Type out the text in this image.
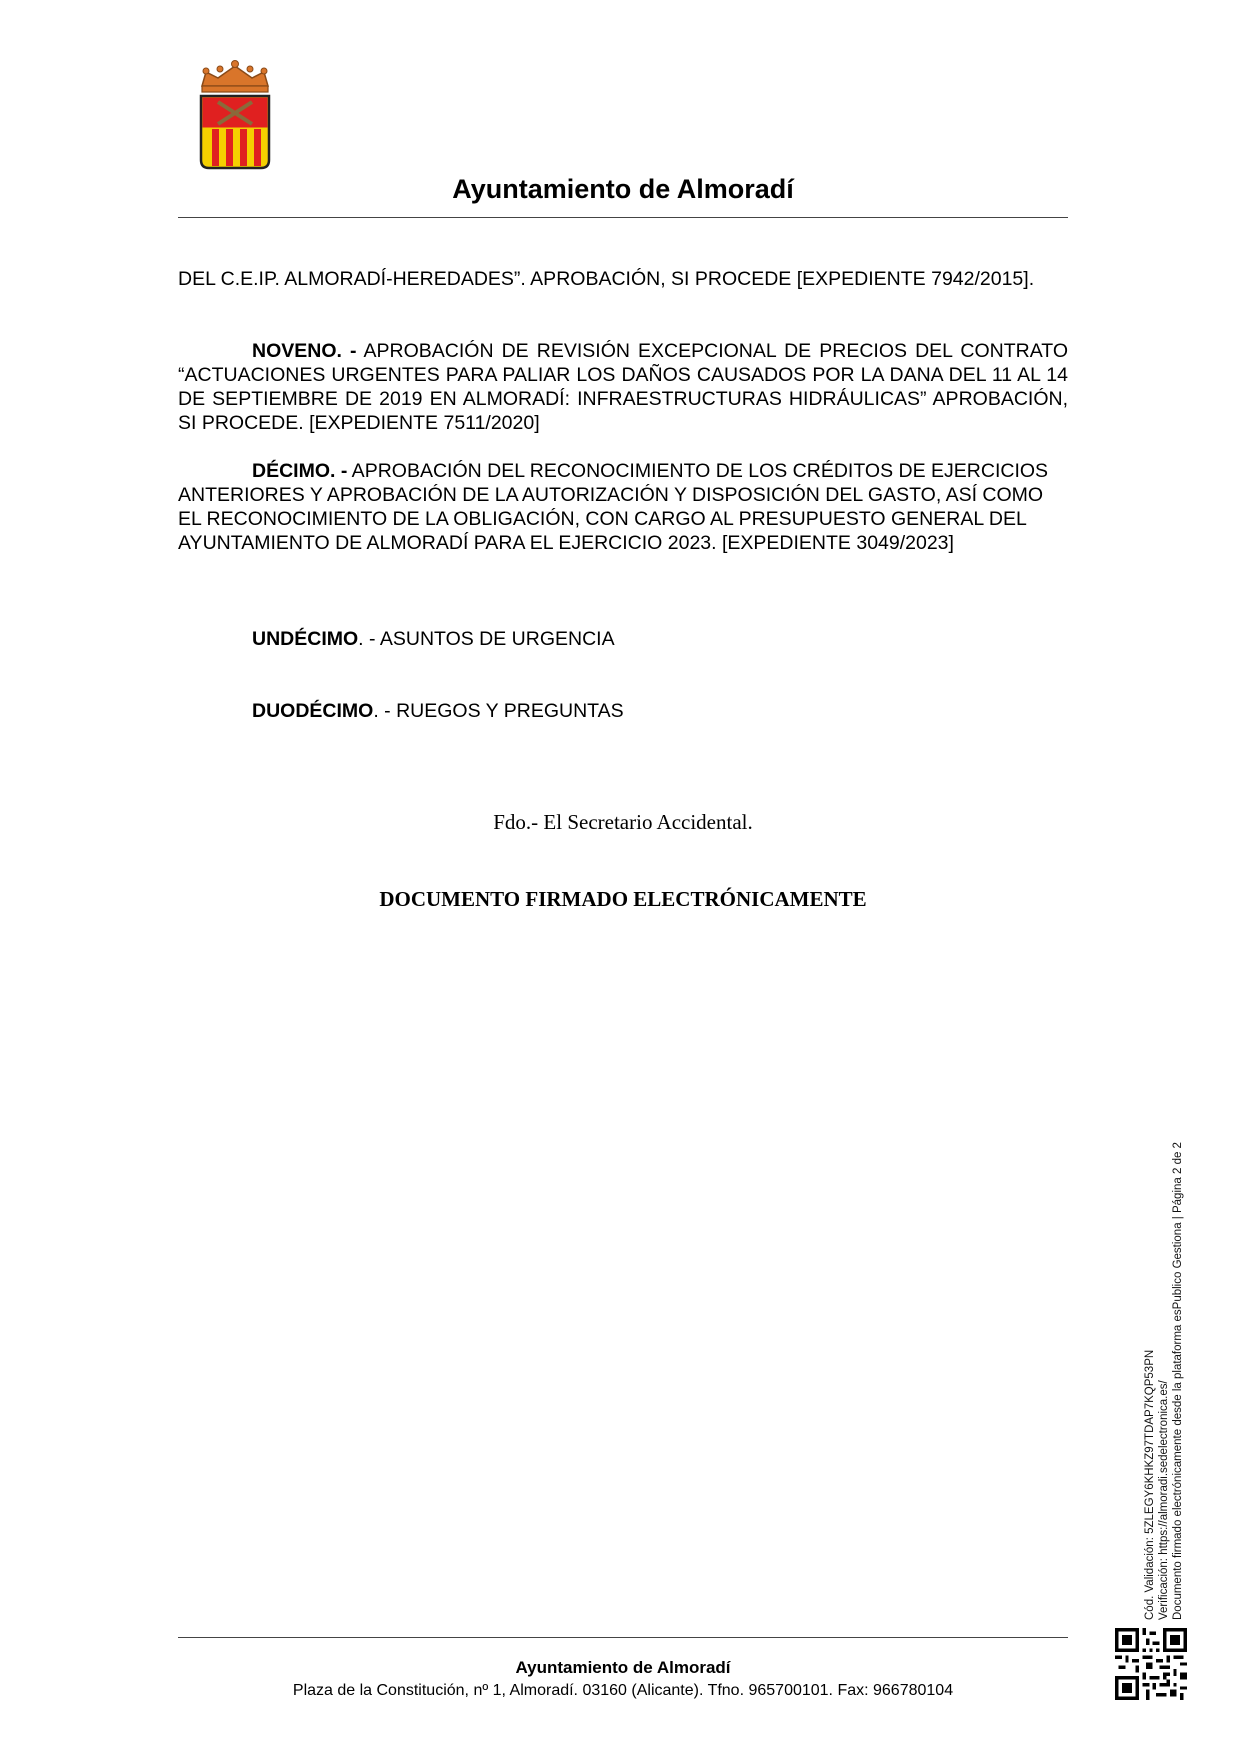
Ayuntamiento de Almoradí

DEL C.E.IP. ALMORADÍ-HEREDADES”. APROBACIÓN, SI PROCEDE [EXPEDIENTE 7942/2015].

NOVENO. - APROBACIÓN DE REVISIÓN EXCEPCIONAL DE PRECIOS DEL CONTRATO “ACTUACIONES URGENTES PARA PALIAR LOS DAÑOS CAUSADOS POR LA DANA DEL 11 AL 14 DE SEPTIEMBRE DE 2019 EN ALMORADÍ: INFRAESTRUCTURAS HIDRÁULICAS” APROBACIÓN, SI PROCEDE. [EXPEDIENTE 7511/2020]

DÉCIMO. - APROBACIÓN DEL RECONOCIMIENTO DE LOS CRÉDITOS DE EJERCICIOS ANTERIORES Y APROBACIÓN DE LA AUTORIZACIÓN Y DISPOSICIÓN DEL GASTO, ASÍ COMO EL RECONOCIMIENTO DE LA OBLIGACIÓN, CON CARGO AL PRESUPUESTO GENERAL DEL AYUNTAMIENTO DE ALMORADÍ PARA EL EJERCICIO 2023. [EXPEDIENTE 3049/2023]

UNDÉCIMO. - ASUNTOS DE URGENCIA

DUODÉCIMO. - RUEGOS Y PREGUNTAS

Fdo.- El Secretario Accidental.
DOCUMENTO FIRMADO ELECTRÓNICAMENTE
Cód. Validación: 5ZLEGY6KHKZ97TDAP7KQP53PN Verificación: https://almoradi.sedelectronica.es/ Documento firmado electrónicamente desde la plataforma esPublico Gestiona | Página 2 de 2
Ayuntamiento de Almoradí
Plaza de la Constitución, nº 1, Almoradí. 03160 (Alicante). Tfno. 965700101. Fax: 966780104
